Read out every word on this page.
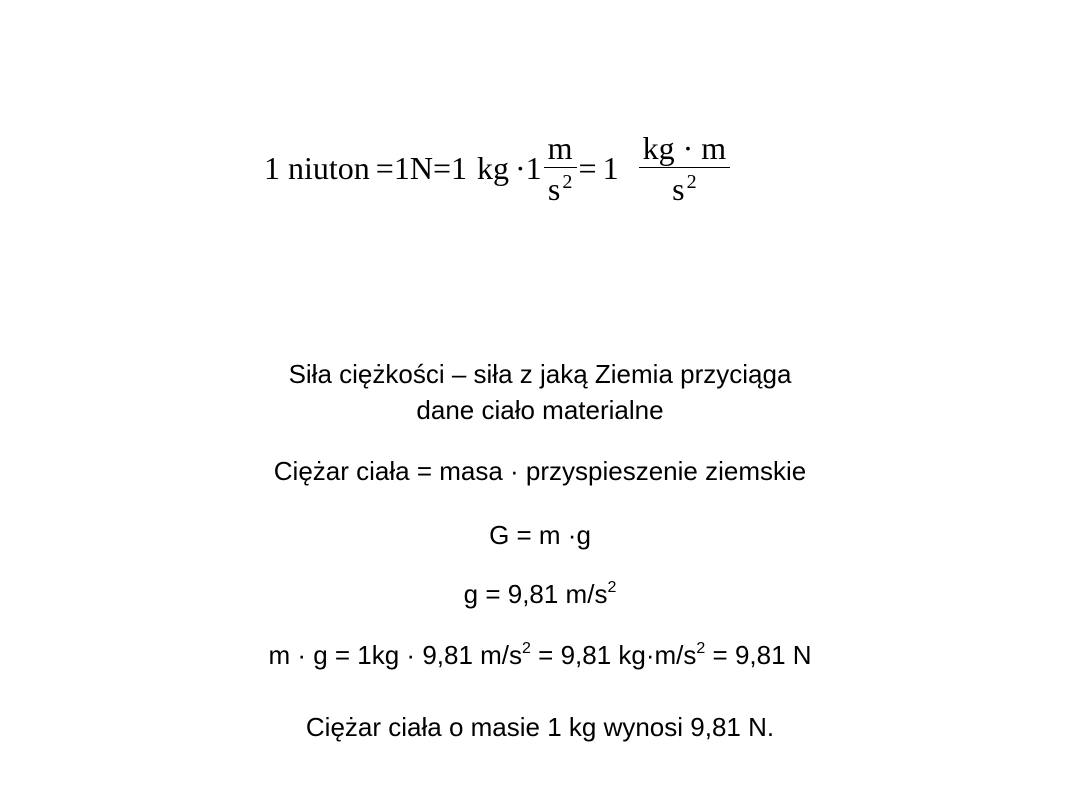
1 niuton = 1 N = 1 kg · $1 \frac{m}{s ^2} = 1 \frac{kg \cdot m}{s ^2}$
Siła ciężkości – siła z jaką Ziemia przyciąga
dane ciało materialne
Ciężar ciała = masa · przyspieszenie ziemskie
G = m ·g
g = 9,81 $m/s^2$
m · g = 1kg · 9,81 $m/s^2 = 9,81$ $kg\cdot m/s^2 = 9,81$ N
Ciężar ciała o masie 1 kg wynosi 9,81 N.
